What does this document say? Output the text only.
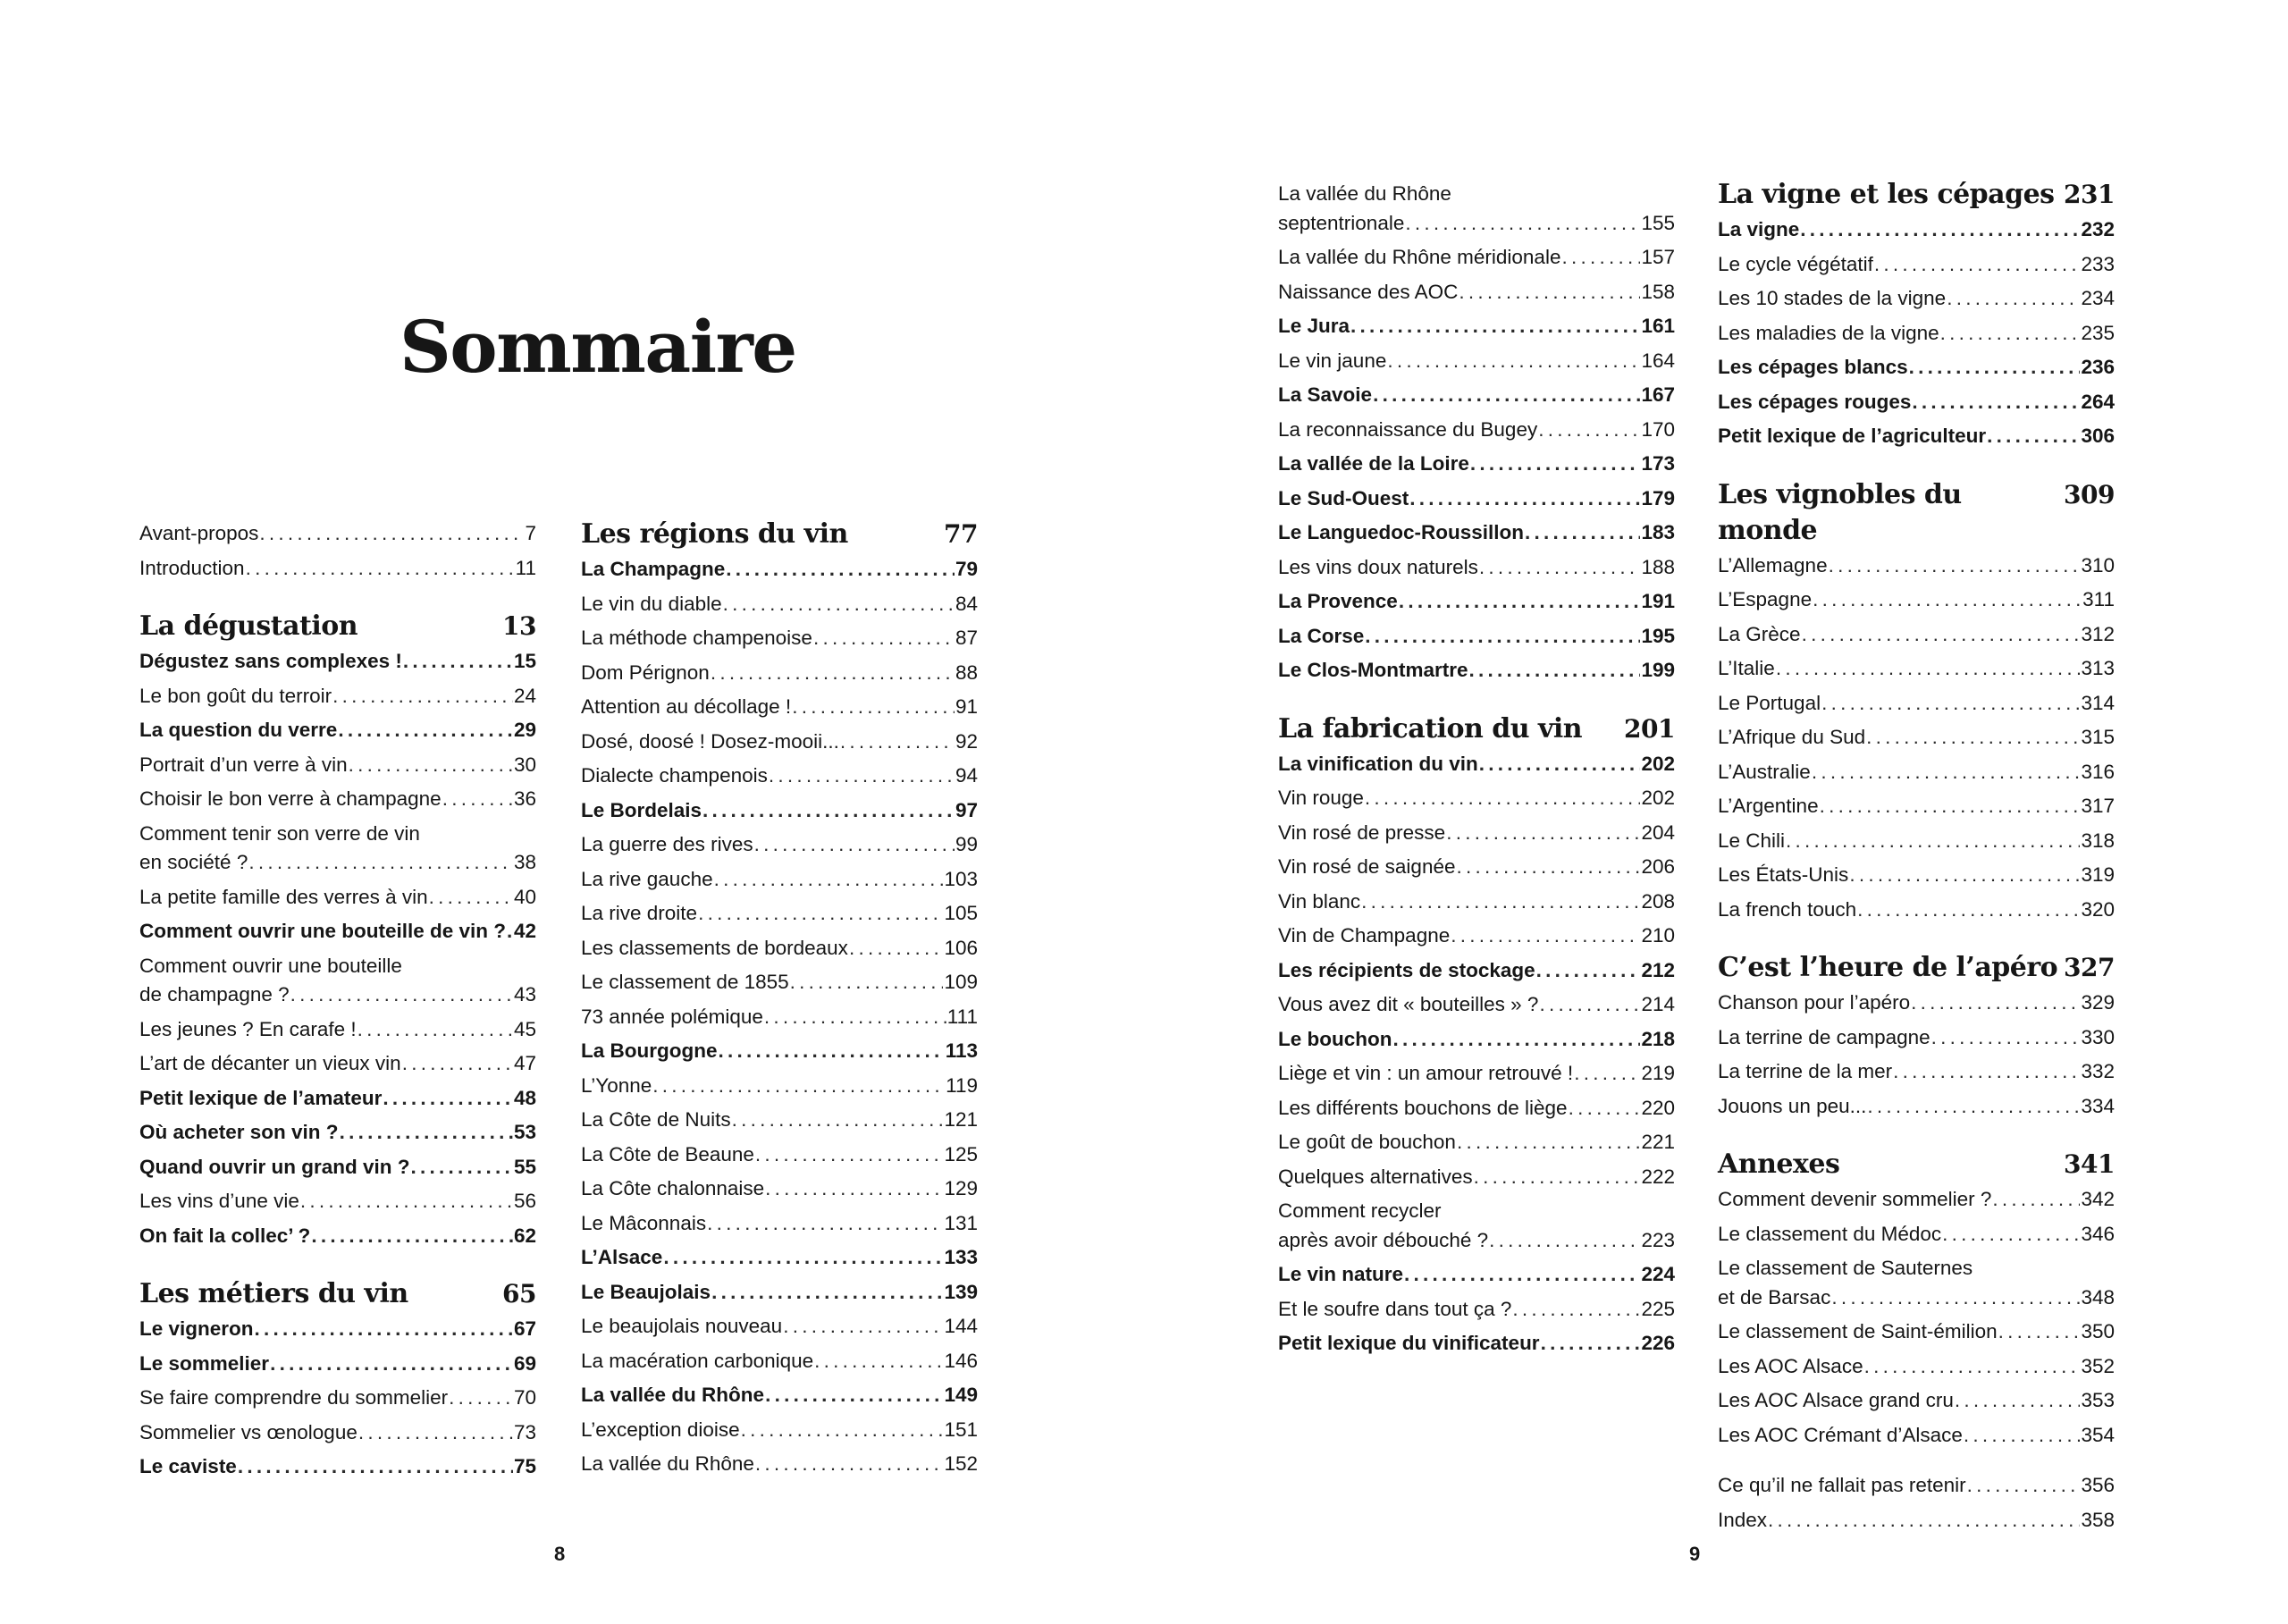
Sommaire
Avant-propos . . .	7
Introduction . . .	11
La dégustation	13
Dégustez sans complexes ! . . .	15
Le bon goût du terroir . . .	24
La question du verre . . .	29
Portrait d’un verre à vin . . .	30
Choisir le bon verre à champagne . . .	36
Comment tenir son verre de vin
en société ? . . .	38
La petite famille des verres à vin . . .	40
Comment ouvrir une bouteille de vin ? . . . 42
Comment ouvrir une bouteille
de champagne ? . . .	43
Les jeunes ? En carafe ! . . .	45
L’art de décanter un vieux vin . . .	47
Petit lexique de l’amateur . . .	48
Où acheter son vin ? . . .	53
Quand ouvrir un grand vin ? . . .	55
Les vins d’une vie . . .	56
On fait la collec’ ? . . .	62
Les métiers du vin	65
Le vigneron . . .	67
Le sommelier . . .	69
Se faire comprendre du sommelier . . .	70
Sommelier vs œnologue . . .	73
Le caviste . . .	75
Les régions du vin	77
La Champagne . . .	79
Le vin du diable . . .	84
La méthode champenoise . . .	87
Dom Pérignon . . .	88
Attention au décollage ! . . .	91
Dosé, doosé ! Dosez-mooii... . . .	92
Dialecte champenois . . .	94
Le Bordelais . . .	97
La guerre des rives . . .	99
La rive gauche . . .	103
La rive droite . . .	105
Les classements de bordeaux . . .	106
Le classement de 1855 . . .	109
73 année polémique . . .	111
La Bourgogne . . .	113
L’Yonne . . .	119
La Côte de Nuits . . .	121
La Côte de Beaune . . .	125
La Côte chalonnaise . . .	129
Le Mâconnais . . .	131
L’Alsace . . .	133
Le Beaujolais . . .	139
Le beaujolais nouveau . . .	144
La macération carbonique . . .	146
La vallée du Rhône . . .	149
L’exception dioise . . .	151
La vallée du Rhône . . .	152
La vallée du Rhône
septentrionale . . .	155
La vallée du Rhône méridionale . . .	157
Naissance des AOC . . .	158
Le Jura . . .	161
Le vin jaune . . .	164
La Savoie . . .	167
La reconnaissance du Bugey . . .	170
La vallée de la Loire . . .	173
Le Sud-Ouest . . .	179
Le Languedoc-Roussillon . . .	183
Les vins doux naturels . . .	188
La Provence . . .	191
La Corse . . .	195
Le Clos-Montmartre . . .	199
La fabrication du vin 201
La vinification du vin . . .	202
Vin rouge . . .	202
Vin rosé de presse . . .	204
Vin rosé de saignée . . .	206
Vin blanc . . .	208
Vin de Champagne . . .	210
Les récipients de stockage . . .	212
Vous avez dit « bouteilles » ? . . .	214
Le bouchon . . .	218
Liège et vin : un amour retrouvé ! . . .	219
Les différents bouchons de liège . . .	220
Le goût de bouchon . . .	221
Quelques alternatives . . .	222
Comment recycler
après avoir débouché ? . . .	223
Le vin nature . . .	224
Et le soufre dans tout ça ? . . .	225
Petit lexique du vinificateur . . .	226
La vigne et les cépages 231
La vigne . . .	232
Le cycle végétatif . . .	233
Les 10 stades de la vigne . . .	234
Les maladies de la vigne . . .	235
Les cépages blancs . . .	236
Les cépages rouges . . .	264
Petit lexique de l’agriculteur . . .	306
Les vignobles du monde
309
L’Allemagne . . .	310
L’Espagne . . .	311
La Grèce . . .	312
L’Italie . . .	313
Le Portugal . . .	314
L’Afrique du Sud . . .	315
L’Australie . . .	316
L’Argentine . . .	317
Le Chili . . .	318
Les États-Unis . . .	319
La french touch . . .	320
C’est l’heure de l’apéro 327
Chanson pour l’apéro . . .	329
La terrine de campagne . . .	330
La terrine de la mer . . .	332
Jouons un peu... . . .	334
Annexes	341
Comment devenir sommelier ? . . .	342
Le classement du Médoc . . .	346
Le classement de Sauternes
et de Barsac . . .	348
Le classement de Saint-émilion . . .	350
Les AOC Alsace . . .	352
Les AOC Alsace grand cru . . .	353
Les AOC Crémant d’Alsace . . .	354
Ce qu’il ne fallait pas retenir . . .	356
Index . . .	358
8	9
